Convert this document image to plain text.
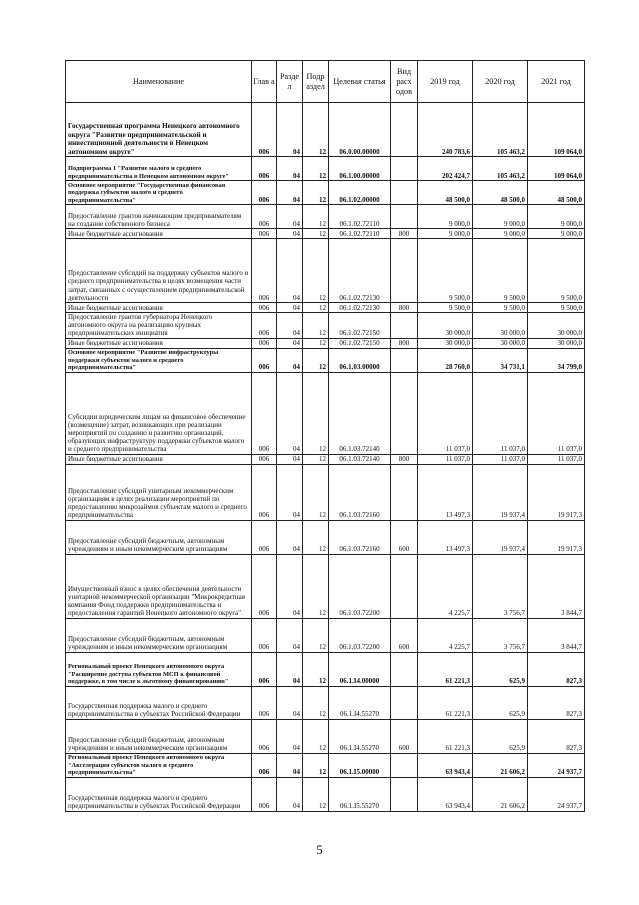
Наименование	Глав а	Разде л	Подр аздел	Целевая статья	Вид расх одов	2019 год	2020 год	2021 год
Государственная программа Ненецкого автономного округа "Развитие предпринимательской и инвестиционной деятельности в Ненецком автономном округе"	006	04	12	06.0.00.00000		240 783,6	105 463,2	109 064,0
Подпрограмма 1 "Развитие малого и среднего предпринимательства в Ненецком автономном округе"	006	04	12	06.1.00.00000		202 424,7	105 463,2	109 064,0
Основное мероприятие "Государственная финансовая поддержка субъектов малого и среднего предпринимательства"	006	04	12	06.1.02.00000		48 500,0	48 500,0	48 500,0
Предоставление грантов начинающим предпринимателям на создание собственного бизнеса	006	04	12	06.1.02.72110		9 000,0	9 000,0	9 000,0
Иные бюджетные ассигнования	006	04	12	06.1.02.72110	800	9 000,0	9 000,0	9 000,0
Предоставление субсидий на поддержку субъектов малого и среднего предпринимательства в целях возмещения части затрат, связанных с осуществлением предпринимательской деятельности	006	04	12	06.1.02.72130		9 500,0	9 500,0	9 500,0
Иные бюджетные ассигнования	006	04	12	06.1.02.72130	800	9 500,0	9 500,0	9 500,0
Предоставление грантов губернатора Ненецкого автономного округа на реализацию крупных предпринимательских инициатив	006	04	12	06.1.02.72150		30 000,0	30 000,0	30 000,0
Иные бюджетные ассигнования	006	04	12	06.1.02.72150	800	30 000,0	30 000,0	30 000,0
Основное мероприятие "Развитие инфраструктуры поддержки субъектов малого и среднего предпринимательства"	006	04	12	06.1.03.00000		28 760,0	34 731,1	34 799,0
Субсидии юридическим лицам на финансовое обеспечение (возмещение) затрат, возникающих при реализации мероприятий по созданию и развитию организаций, образующих инфраструктуру поддержки субъектов малого и среднего предпринимательства	006	04	12	06.1.03.72140		11 037,0	11 037,0	11 037,0
Иные бюджетные ассигнования	006	04	12	06.1.03.72140	800	11 037,0	11 037,0	11 037,0
Предоставление субсидий унитарным некоммерческим организациям в целях реализации мероприятий по предоставлению микрозаймов субъектам малого и среднего предпринимательства	006	04	12	06.1.03.72160		13 497,3	19 937,4	19 917,3
Предоставление субсидий бюджетным, автономным учреждениям и иным некоммерческим организациям	006	04	12	06.1.03.72160	600	13 497,3	19 937,4	19 917,3
Имущественный взнос в целях обеспечения деятельности унитарной некоммерческой организации "Микрокредитная компания Фонд поддержки предпринимательства и предоставления гарантий Ненецкого автономного округа"	006	04	12	06.1.03.72200		4 225,7	3 756,7	3 844,7
Предоставление субсидий бюджетным, автономным учреждениям и иным некоммерческим организациям	006	04	12	06.1.03.72200	600	4 225,7	3 756,7	3 844,7
Региональный проект Ненецкого автономного округа "Расширение доступа субъектов МСП к финансовой поддержке, в том числе к льготному финансированию"	006	04	12	06.1.I4.00000		61 221,3	625,9	827,3
Государственная поддержка малого и среднего предпринимательства в субъектах Российской Федерации	006	04	12	06.1.I4.55270		61 221,3	625,9	827,3
Предоставление субсидий бюджетным, автономным учреждениям и иным некоммерческим организациям	006	04	12	06.1.I4.55270	600	61 221,3	625,9	827,3
Региональный проект Ненецкого автономного округа "Акселерация субъектов малого и среднего предпринимательства"	006	04	12	06.1.I5.00000		63 943,4	21 606,2	24 937,7
Государственная поддержка малого и среднего предпринимательства в субъектах Российской Федерации	006	04	12	06.1.I5.55270		63 943,4	21 606,2	24 937,7
5
